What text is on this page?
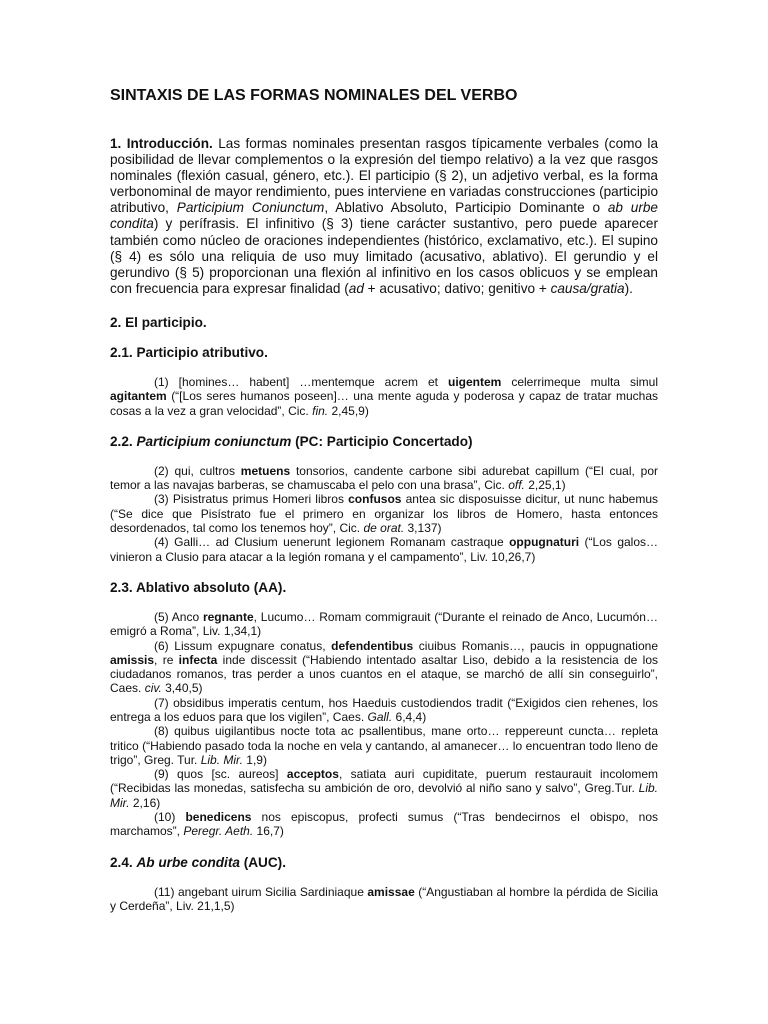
SINTAXIS DE LAS FORMAS NOMINALES DEL VERBO

1. Introducción. Las formas nominales presentan rasgos típicamente verbales (como la posibilidad de llevar complementos o la expresión del tiempo relativo) a la vez que rasgos nominales (flexión casual, género, etc.). El participio (§ 2), un adjetivo verbal, es la forma verbonominal de mayor rendimiento, pues interviene en variadas construcciones (participio atributivo, Participium Coniunctum, Ablativo Absoluto, Participio Dominante o ab urbe condita) y perífrasis. El infinitivo (§ 3) tiene carácter sustantivo, pero puede aparecer también como núcleo de oraciones independientes (histórico, exclamativo, etc.). El supino (§ 4) es sólo una reliquia de uso muy limitado (acusativo, ablativo). El gerundio y el gerundivo (§ 5) proporcionan una flexión al infinitivo en los casos oblicuos y se emplean con frecuencia para expresar finalidad (ad + acusativo; dativo; genitivo + causa/gratia).

2. El participio.
2.1. Participio atributivo.

(1) [homines… habent] …mentemque acrem et uigentem celerrimeque multa simul agitantem (“[Los seres humanos poseen]… una mente aguda y poderosa y capaz de tratar muchas cosas a la vez a gran velocidad”, Cic. fin. 2,45,9)

2.2. Participium coniunctum (PC: Participio Concertado)

(2) qui, cultros metuens tonsorios, candente carbone sibi adurebat capillum (“El cual, por temor a las navajas barberas, se chamuscaba el pelo con una brasa”, Cic. off. 2,25,1)

(3) Pisistratus primus Homeri libros confusos antea sic disposuisse dicitur, ut nunc habemus (“Se dice que Pisístrato fue el primero en organizar los libros de Homero, hasta entonces desordenados, tal como los tenemos hoy”, Cic. de orat. 3,137)

(4) Galli… ad Clusium uenerunt legionem Romanam castraque oppugnaturi (“Los galos… vinieron a Clusio para atacar a la legión romana y el campamento”, Liv. 10,26,7)

2.3. Ablativo absoluto (AA).

(5) Anco regnante, Lucumo… Romam commigrauit (“Durante el reinado de Anco, Lucumón… emigró a Roma”, Liv. 1,34,1)

(6) Lissum expugnare conatus, defendentibus ciuibus Romanis…, paucis in oppugnatione amissis, re infecta inde discessit (“Habiendo intentado asaltar Liso, debido a la resistencia de los ciudadanos romanos, tras perder a unos cuantos en el ataque, se marchó de allí sin conseguirlo”, Caes. civ. 3,40,5)

(7) obsidibus imperatis centum, hos Haeduis custodiendos tradit (“Exigidos cien rehenes, los entrega a los eduos para que los vigilen”, Caes. Gall. 6,4,4)

(8) quibus uigilantibus nocte tota ac psallentibus, mane orto… reppereunt cuncta… repleta tritico (“Habiendo pasado toda la noche en vela y cantando, al amanecer… lo encuentran todo lleno de trigo”, Greg. Tur. Lib. Mir. 1,9)

(9) quos [sc. aureos] acceptos, satiata auri cupiditate, puerum restaurauit incolomem (“Recibidas las monedas, satisfecha su ambición de oro, devolvió al niño sano y salvo”, Greg.Tur. Lib. Mir. 2,16)

(10) benedicens nos episcopus, profecti sumus (“Tras bendecirnos el obispo, nos marchamos”, Peregr. Aeth. 16,7)

2.4. Ab urbe condita (AUC).

(11) angebant uirum Sicilia Sardiniaque amissae (“Angustiaban al hombre la pérdida de Sicilia y Cerdeña”, Liv. 21,1,5)
